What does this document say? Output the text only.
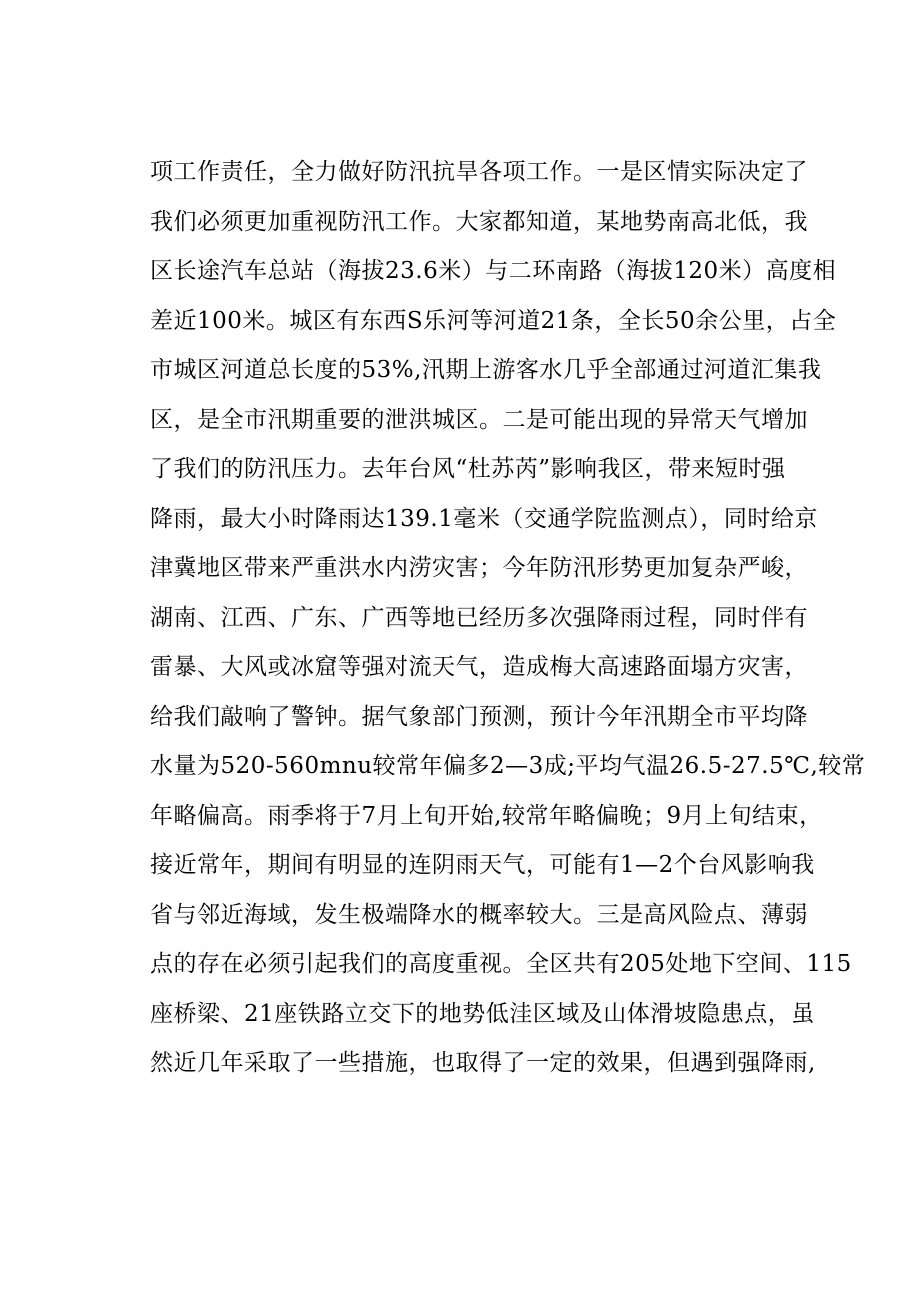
项工作责任，全力做好防汛抗旱各项工作。一是区情实际决定了
我们必须更加重视防汛工作。大家都知道，某地势南高北低，我
区长途汽车总站（海拔23.6米）与二环南路（海拔120米）高度相
差近100米。城区有东西S乐河等河道21条，全长50余公里，占全
市城区河道总长度的53%,汛期上游客水几乎全部通过河道汇集我
区，是全市汛期重要的泄洪城区。二是可能出现的异常天气增加
了我们的防汛压力。去年台风“杜苏芮”影响我区，带来短时强
降雨，最大小时降雨达139.1毫米（交通学院监测点），同时给京
津冀地区带来严重洪水内涝灾害；今年防汛形势更加复杂严峻，
湖南、江西、广东、广西等地已经历多次强降雨过程，同时伴有
雷暴、大风或冰窟等强对流天气，造成梅大高速路面塌方灾害，
给我们敲响了警钟。据气象部门预测，预计今年汛期全市平均降
水量为520-560mnu较常年偏多2—3成;平均气温26.5-27.5℃,较常
年略偏高。雨季将于7月上旬开始,较常年略偏晚；9月上旬结束，
接近常年，期间有明显的连阴雨天气，可能有1—2个台风影响我
省与邻近海域，发生极端降水的概率较大。三是高风险点、薄弱
点的存在必须引起我们的高度重视。全区共有205处地下空间、115
座桥梁、21座铁路立交下的地势低洼区域及山体滑坡隐患点，虽
然近几年采取了一些措施，也取得了一定的效果，但遇到强降雨,
